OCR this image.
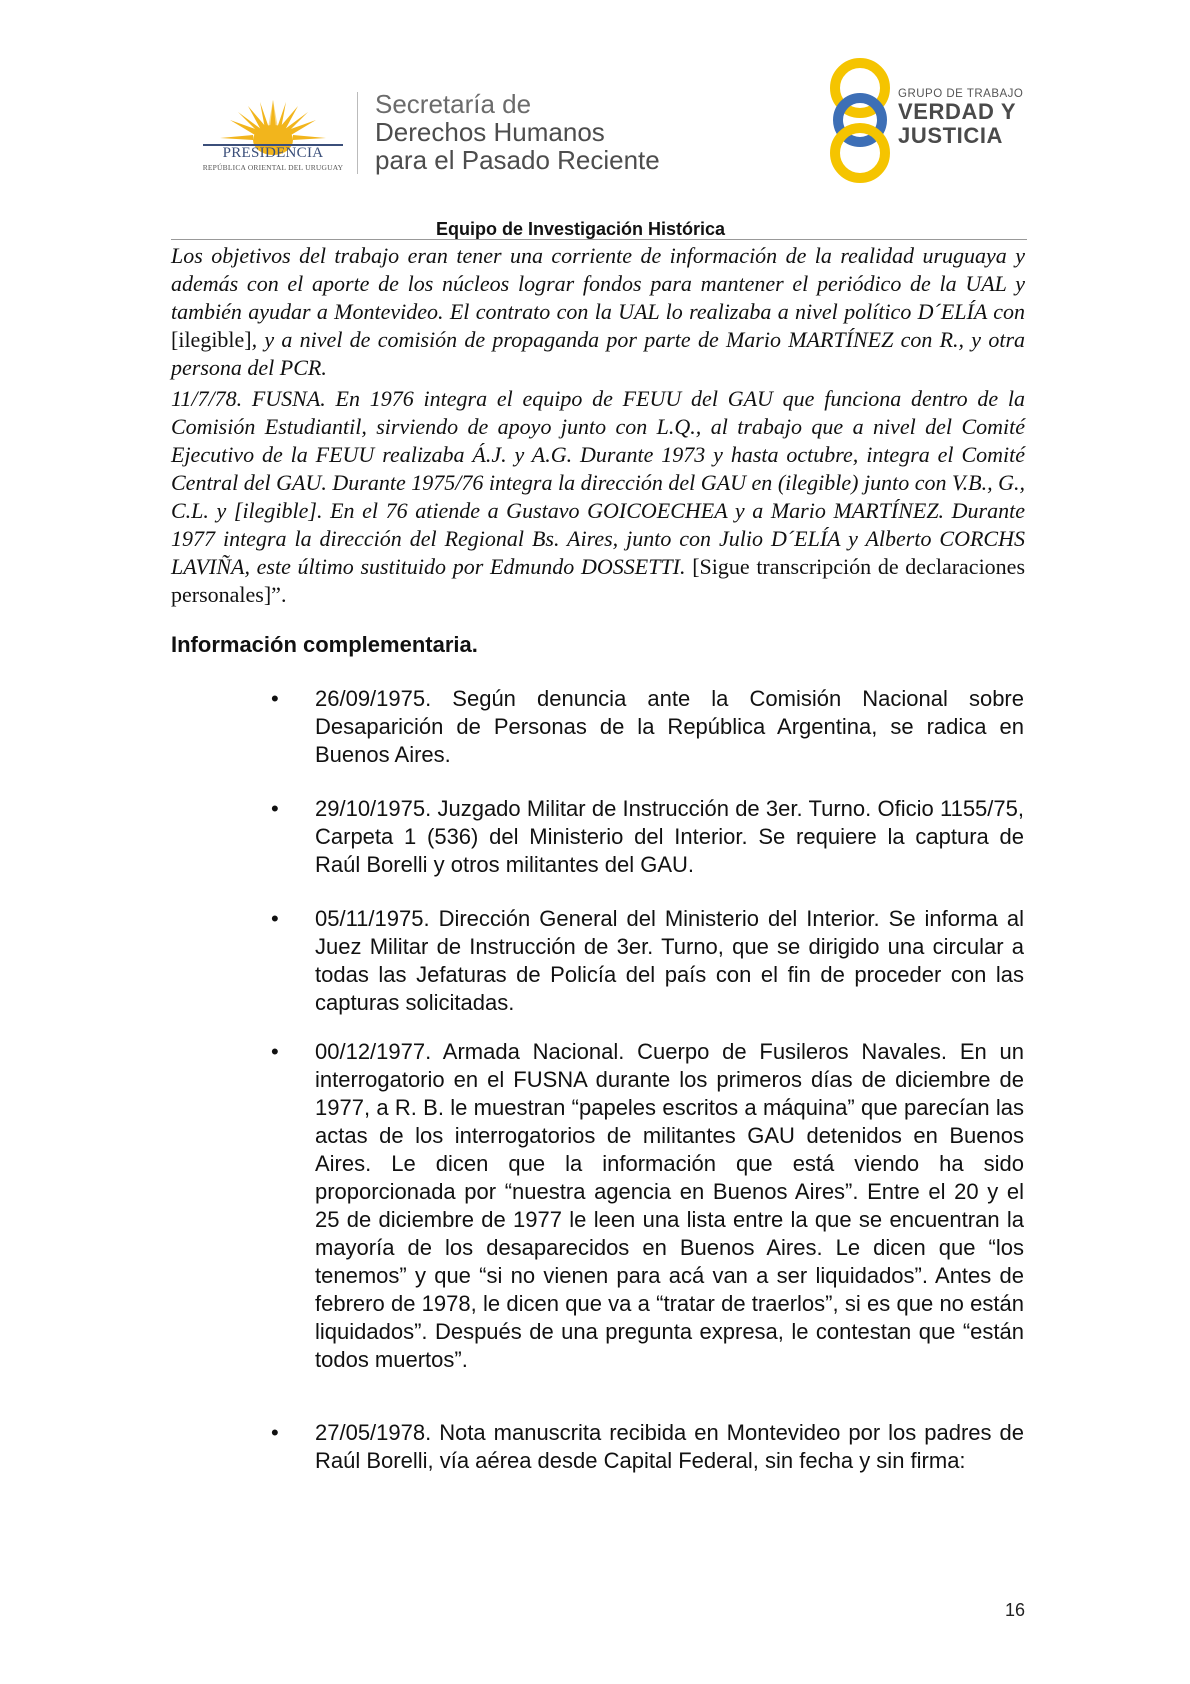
PRESIDENCIA
REPÚBLICA ORIENTAL DEL URUGUAY
Secretaría de
Derechos Humanos
para el Pasado Reciente
GRUPO DE TRABAJO
VERDAD Y
JUSTICIA
Equipo de Investigación Histórica
Los objetivos del trabajo eran tener una corriente de información de la realidad uruguaya y además con el aporte de los núcleos lograr fondos para mantener el periódico de la UAL y también ayudar a Montevideo. El contrato con la UAL lo realizaba a nivel político D´ELÍA con [ilegible], y a nivel de comisión de propaganda por parte de Mario MARTÍNEZ con R., y otra persona del PCR.
11/7/78. FUSNA. En 1976 integra el equipo de FEUU del GAU que funciona dentro de la Comisión Estudiantil, sirviendo de apoyo junto con L.Q., al trabajo que a nivel del Comité Ejecutivo de la FEUU realizaba Á.J. y A.G. Durante 1973 y hasta octubre, integra el Comité Central del GAU. Durante 1975/76 integra la dirección del GAU en (ilegible) junto con V.B., G., C.L. y [ilegible]. En el 76 atiende a Gustavo GOICOECHEA y a Mario MARTÍNEZ. Durante 1977 integra la dirección del Regional Bs. Aires, junto con Julio D´ELÍA y Alberto CORCHS LAVIÑA, este último sustituido por Edmundo DOSSETTI. [Sigue transcripción de declaraciones personales]”.
Información complementaria.
•	26/09/1975. Según denuncia ante la Comisión Nacional sobre Desaparición de Personas de la República Argentina, se radica en Buenos Aires.
•	29/10/1975. Juzgado Militar de Instrucción de 3er. Turno. Oficio 1155/75, Carpeta 1 (536) del Ministerio del Interior. Se requiere la captura de Raúl Borelli y otros militantes del GAU.
•	05/11/1975. Dirección General del Ministerio del Interior. Se informa al Juez Militar de Instrucción de 3er. Turno, que se dirigido una circular a todas las Jefaturas de Policía del país con el fin de proceder con las capturas solicitadas.
•	00/12/1977. Armada Nacional. Cuerpo de Fusileros Navales. En un interrogatorio en el FUSNA durante los primeros días de diciembre de 1977, a R. B. le muestran “papeles escritos a máquina” que parecían las actas de los interrogatorios de militantes GAU detenidos en Buenos Aires. Le dicen que la información que está viendo ha sido proporcionada por “nuestra agencia en Buenos Aires”. Entre el 20 y el 25 de diciembre de 1977 le leen una lista entre la que se encuentran la mayoría de los desaparecidos en Buenos Aires. Le dicen que “los tenemos” y que “si no vienen para acá van a ser liquidados”. Antes de febrero de 1978, le dicen que va a “tratar de traerlos”, si es que no están liquidados”. Después de una pregunta expresa, le contestan que “están todos muertos”.
•	27/05/1978. Nota manuscrita recibida en Montevideo por los padres de Raúl Borelli, vía aérea desde Capital Federal, sin fecha y sin firma:
16
